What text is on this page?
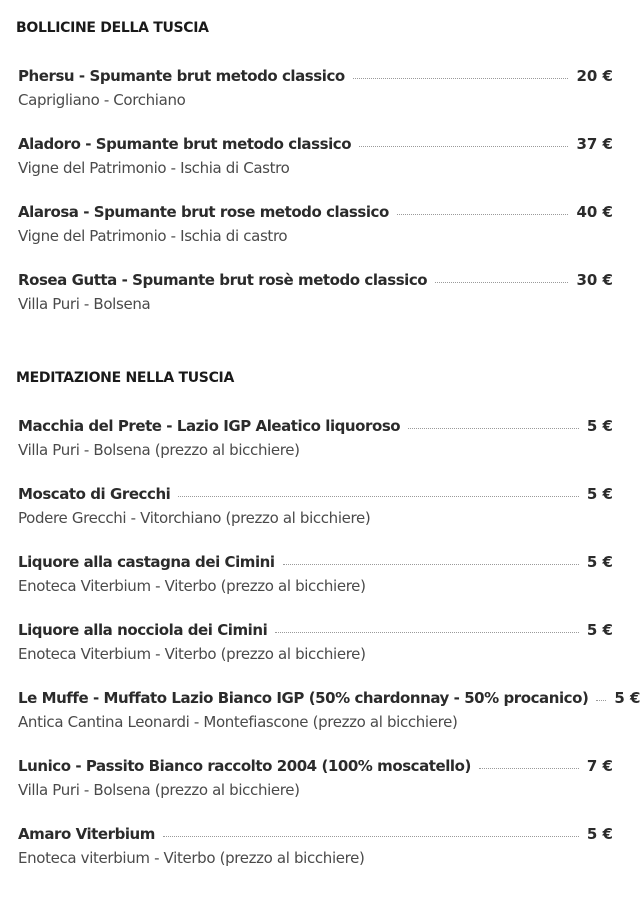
BOLLICINE DELLA TUSCIA
Phersu - Spumante brut metodo classico	20 €
Caprigliano - Corchiano
Aladoro - Spumante brut metodo classico	37 €
Vigne del Patrimonio - Ischia di Castro
Alarosa - Spumante brut rose metodo classico	40 €
Vigne del Patrimonio - Ischia di castro
Rosea Gutta - Spumante brut rosè metodo classico	30 €
Villa Puri - Bolsena
MEDITAZIONE NELLA TUSCIA
Macchia del Prete - Lazio IGP Aleatico liquoroso	5 €
Villa Puri - Bolsena (prezzo al bicchiere)
Moscato di Grecchi	5 €
Podere Grecchi - Vitorchiano (prezzo al bicchiere)
Liquore alla castagna dei Cimini	5 €
Enoteca Viterbium - Viterbo (prezzo al bicchiere)
Liquore alla nocciola dei Cimini	5 €
Enoteca Viterbium - Viterbo (prezzo al bicchiere)
Le Muffe - Muffato Lazio Bianco IGP (50% chardonnay - 50% procanico) 5 €
Antica Cantina Leonardi - Montefiascone (prezzo al bicchiere)
Lunico - Passito Bianco raccolto 2004 (100% moscatello)	7 €
Villa Puri - Bolsena (prezzo al bicchiere)
Amaro Viterbium	5 €
Enoteca viterbium - Viterbo (prezzo al bicchiere)
